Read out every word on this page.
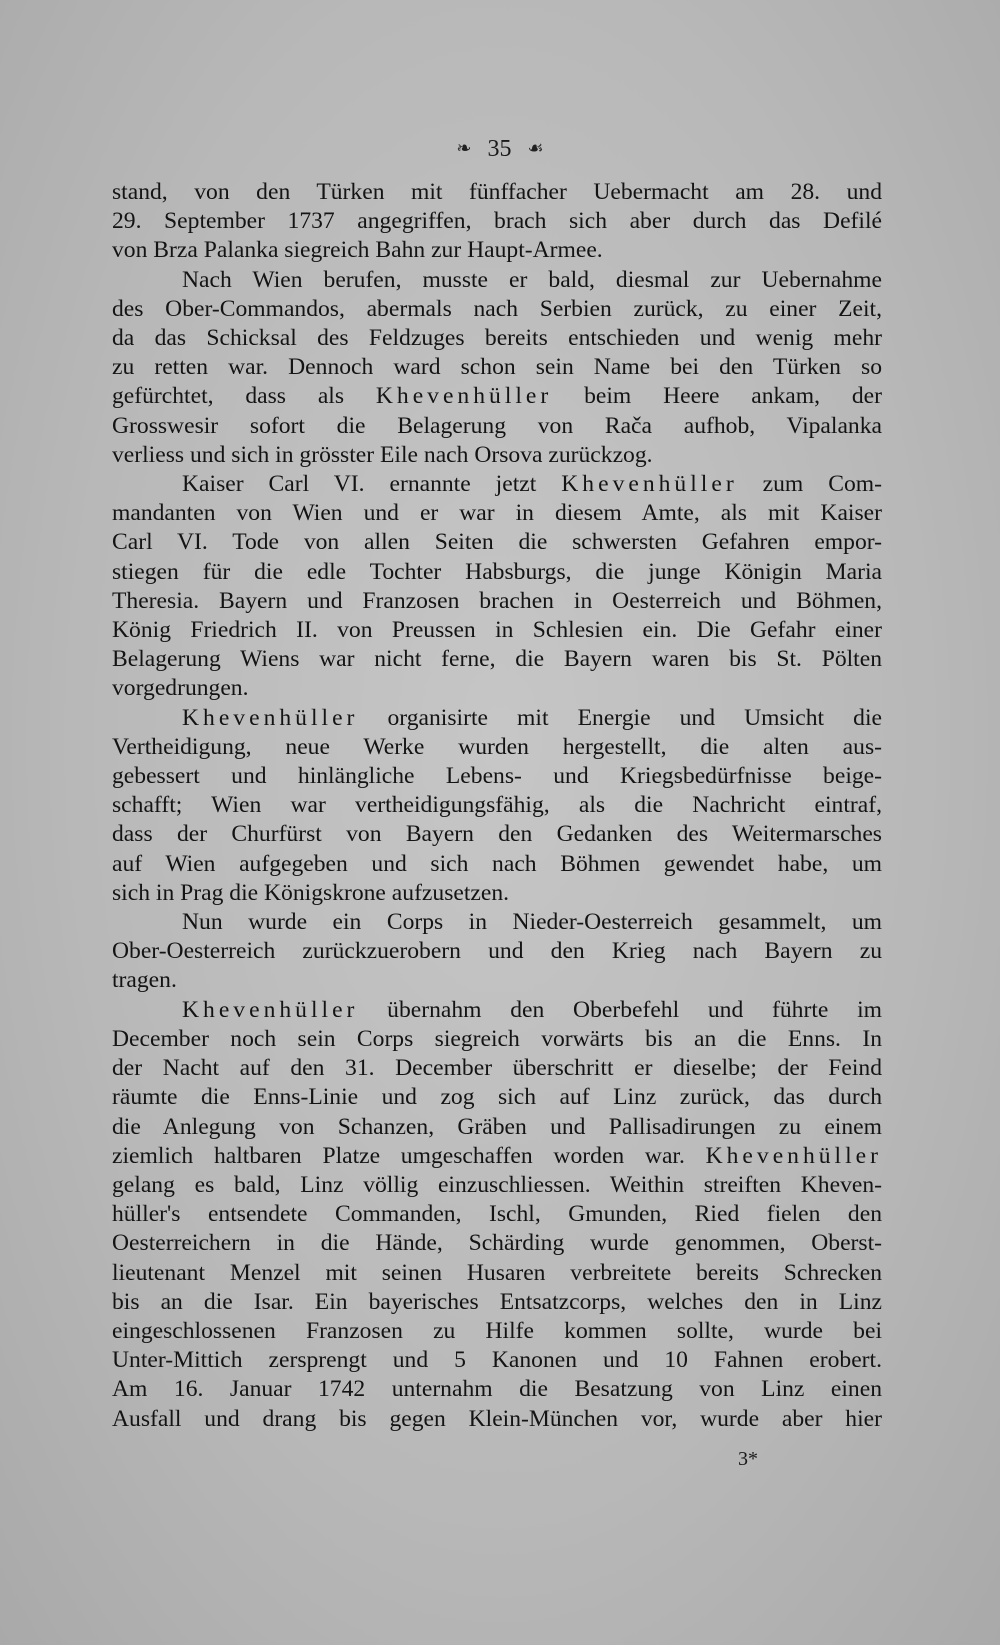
❧ 35 ☙
stand, von den Türken mit fünffacher Uebermacht am 28. und
29. September 1737 angegriffen, brach sich aber durch das Defilé
von Brza Palanka siegreich Bahn zur Haupt-Armee.
Nach Wien berufen, musste er bald, diesmal zur Uebernahme
des Ober-Commandos, abermals nach Serbien zurück, zu einer Zeit,
da das Schicksal des Feldzuges bereits entschieden und wenig mehr
zu retten war. Dennoch ward schon sein Name bei den Türken so
gefürchtet, dass als Khevenhüller beim Heere ankam, der
Grosswesir sofort die Belagerung von Rača aufhob, Vipalanka
verliess und sich in grösster Eile nach Orsova zurückzog.
Kaiser Carl VI. ernannte jetzt Khevenhüller zum Com-
mandanten von Wien und er war in diesem Amte, als mit Kaiser
Carl VI. Tode von allen Seiten die schwersten Gefahren empor-
stiegen für die edle Tochter Habsburgs, die junge Königin Maria
Theresia. Bayern und Franzosen brachen in Oesterreich und Böhmen,
König Friedrich II. von Preussen in Schlesien ein. Die Gefahr einer
Belagerung Wiens war nicht ferne, die Bayern waren bis St. Pölten
vorgedrungen.
Khevenhüller organisirte mit Energie und Umsicht die
Vertheidigung, neue Werke wurden hergestellt, die alten aus-
gebessert und hinlängliche Lebens- und Kriegsbedürfnisse beige-
schafft; Wien war vertheidigungsfähig, als die Nachricht eintraf,
dass der Churfürst von Bayern den Gedanken des Weitermarsches
auf Wien aufgegeben und sich nach Böhmen gewendet habe, um
sich in Prag die Königskrone aufzusetzen.
Nun wurde ein Corps in Nieder-Oesterreich gesammelt, um
Ober-Oesterreich zurückzuerobern und den Krieg nach Bayern zu
tragen.
Khevenhüller übernahm den Oberbefehl und führte im
December noch sein Corps siegreich vorwärts bis an die Enns. In
der Nacht auf den 31. December überschritt er dieselbe; der Feind
räumte die Enns-Linie und zog sich auf Linz zurück, das durch
die Anlegung von Schanzen, Gräben und Pallisadirungen zu einem
ziemlich haltbaren Platze umgeschaffen worden war. Khevenhüller
gelang es bald, Linz völlig einzuschliessen. Weithin streiften Kheven-
hüller's entsendete Commanden, Ischl, Gmunden, Ried fielen den
Oesterreichern in die Hände, Schärding wurde genommen, Oberst-
lieutenant Menzel mit seinen Husaren verbreitete bereits Schrecken
bis an die Isar. Ein bayerisches Entsatzcorps, welches den in Linz
eingeschlossenen Franzosen zu Hilfe kommen sollte, wurde bei
Unter-Mittich zersprengt und 5 Kanonen und 10 Fahnen erobert.
Am 16. Januar 1742 unternahm die Besatzung von Linz einen
Ausfall und drang bis gegen Klein-München vor, wurde aber hier
3*
